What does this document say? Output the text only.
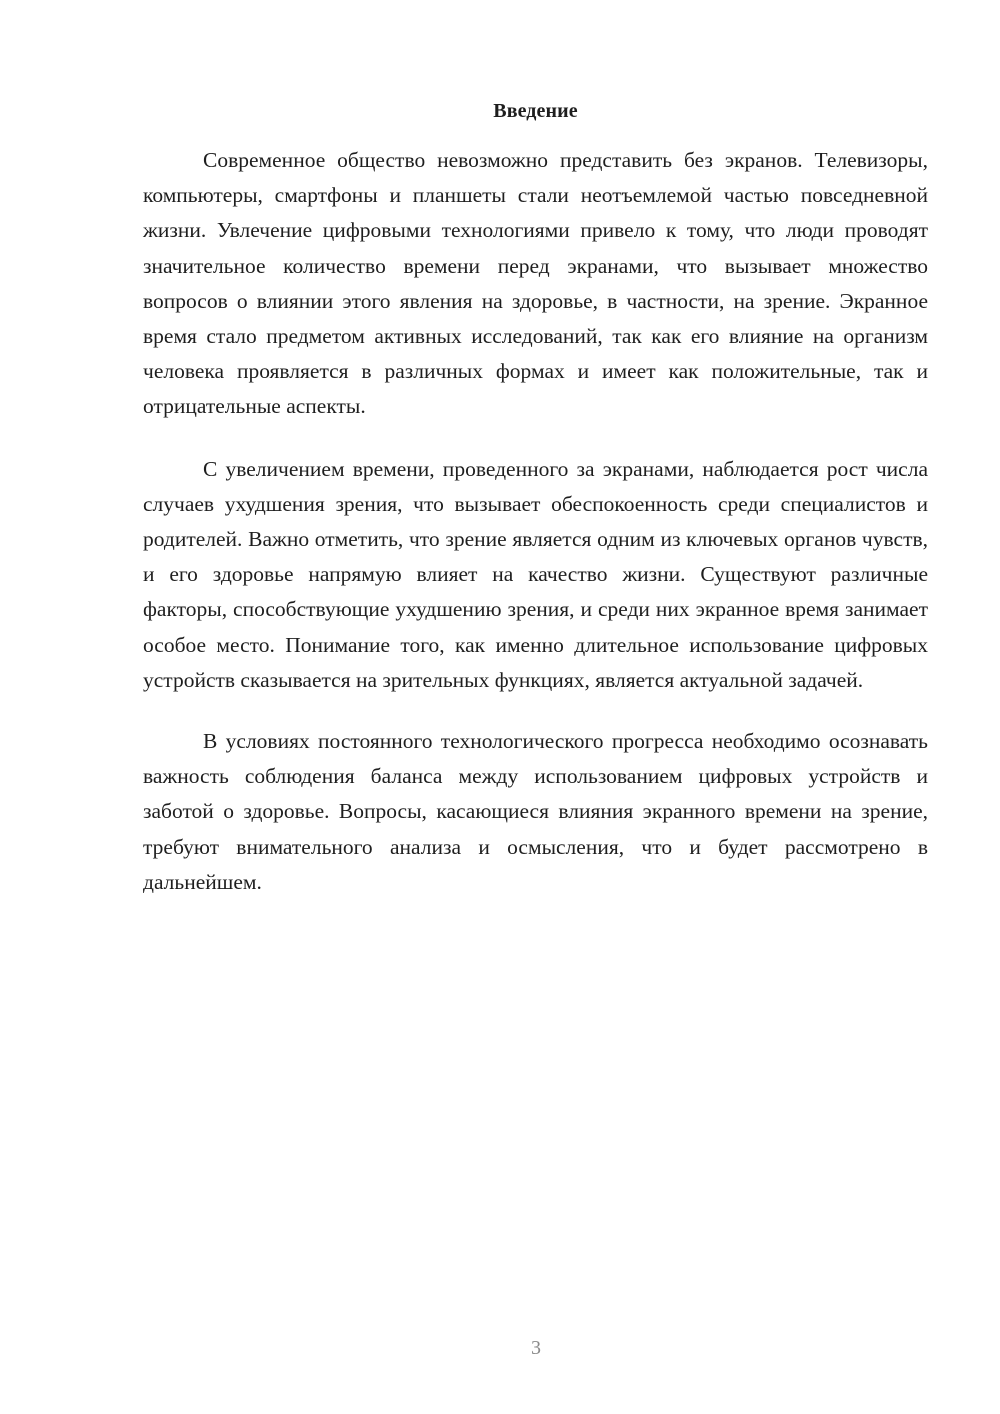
Введение

Современное общество невозможно представить без экранов. Телевизоры, компьютеры, смартфоны и планшеты стали неотъемлемой частью повседневной жизни. Увлечение цифровыми технологиями привело к тому, что люди проводят значительное количество времени перед экранами, что вызывает множество вопросов о влиянии этого явления на здоровье, в частности, на зрение. Экранное время стало предметом активных исследований, так как его влияние на организм человека проявляется в различных формах и имеет как положительные, так и отрицательные аспекты.

С увеличением времени, проведенного за экранами, наблюдается рост числа случаев ухудшения зрения, что вызывает обеспокоенность среди специалистов и родителей. Важно отметить, что зрение является одним из ключевых органов чувств, и его здоровье напрямую влияет на качество жизни. Существуют различные факторы, способствующие ухудшению зрения, и среди них экранное время занимает особое место. Понимание того, как именно длительное использование цифровых устройств сказывается на зрительных функциях, является актуальной задачей.

В условиях постоянного технологического прогресса необходимо осознавать важность соблюдения баланса между использованием цифровых устройств и заботой о здоровье. Вопросы, касающиеся влияния экранного времени на зрение, требуют внимательного анализа и осмысления, что и будет рассмотрено в дальнейшем.

3
